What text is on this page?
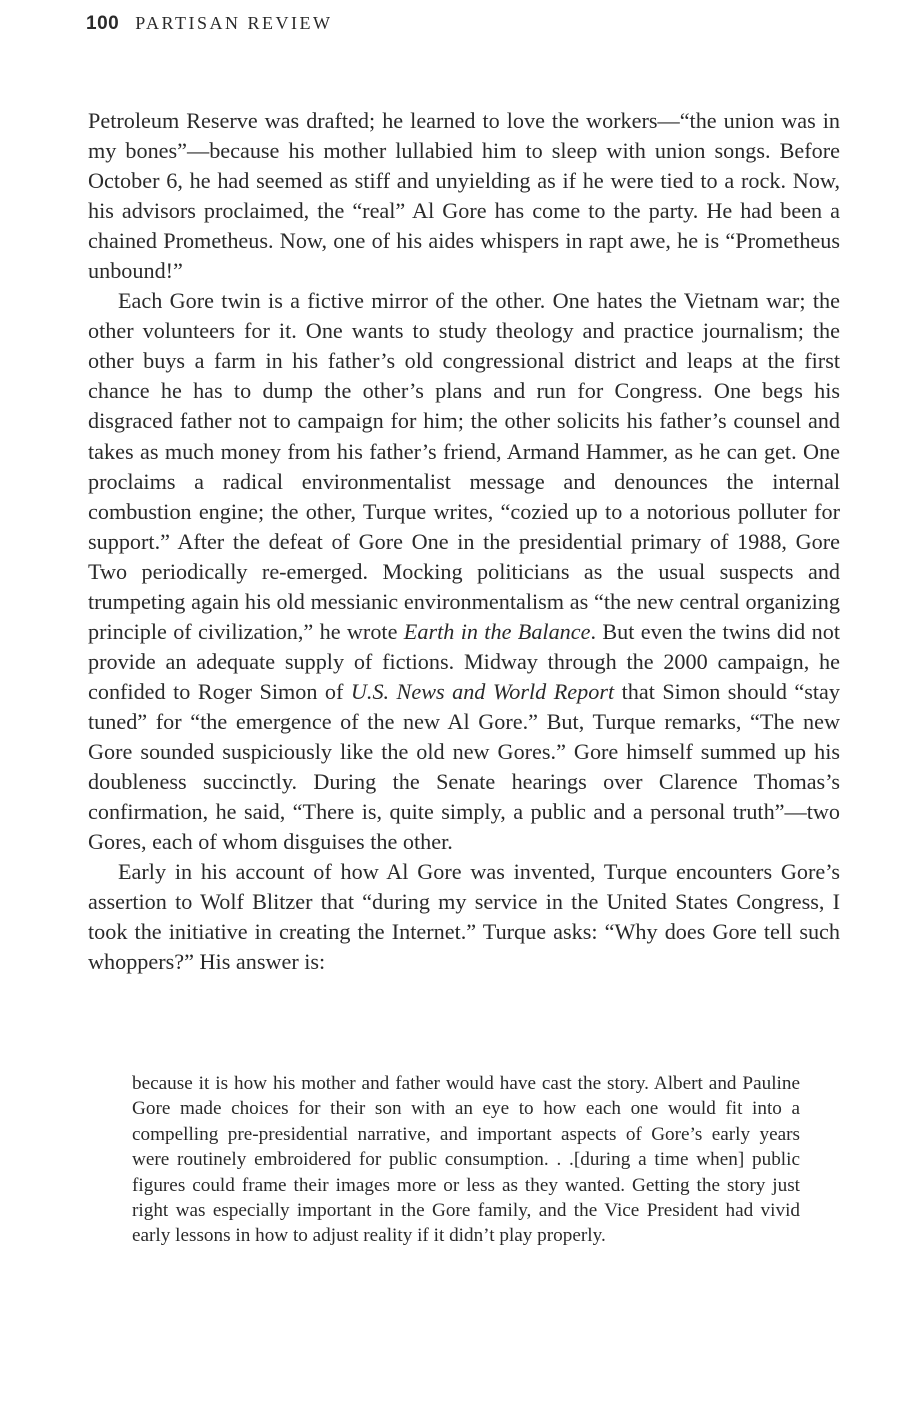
100 PARTISAN REVIEW

Petroleum Reserve was drafted; he learned to love the workers—“the union was in my bones”—because his mother lullabied him to sleep with union songs. Before October 6, he had seemed as stiff and unyielding as if he were tied to a rock. Now, his advisors proclaimed, the “real” Al Gore has come to the party. He had been a chained Prometheus. Now, one of his aides whispers in rapt awe, he is “Prometheus unbound!”

Each Gore twin is a fictive mirror of the other. One hates the Vietnam war; the other volunteers for it. One wants to study theology and practice journalism; the other buys a farm in his father’s old congressional district and leaps at the first chance he has to dump the other’s plans and run for Congress. One begs his disgraced father not to campaign for him; the other solicits his father’s counsel and takes as much money from his father’s friend, Armand Hammer, as he can get. One proclaims a radical environmentalist message and denounces the internal combustion engine; the other, Turque writes, “cozied up to a notorious polluter for support.” After the defeat of Gore One in the presidential primary of 1988, Gore Two periodically re-emerged. Mocking politicians as the usual suspects and trumpeting again his old messianic environmentalism as “the new central organizing principle of civilization,” he wrote Earth in the Balance. But even the twins did not provide an adequate supply of fictions. Midway through the 2000 campaign, he confided to Roger Simon of U.S. News and World Report that Simon should “stay tuned” for “the emergence of the new Al Gore.” But, Turque remarks, “The new Gore sounded suspiciously like the old new Gores.” Gore himself summed up his doubleness succinctly. During the Senate hearings over Clarence Thomas’s confirmation, he said, “There is, quite simply, a public and a personal truth”—two Gores, each of whom disguises the other.

Early in his account of how Al Gore was invented, Turque encounters Gore’s assertion to Wolf Blitzer that “during my service in the United States Congress, I took the initiative in creating the Internet.” Turque asks: “Why does Gore tell such whoppers?” His answer is:

because it is how his mother and father would have cast the story. Albert and Pauline Gore made choices for their son with an eye to how each one would fit into a compelling pre-presidential narrative, and important aspects of Gore’s early years were routinely embroidered for public consumption. . .[during a time when] public figures could frame their images more or less as they wanted. Getting the story just right was especially important in the Gore family, and the Vice President had vivid early lessons in how to adjust reality if it didn’t play properly.
